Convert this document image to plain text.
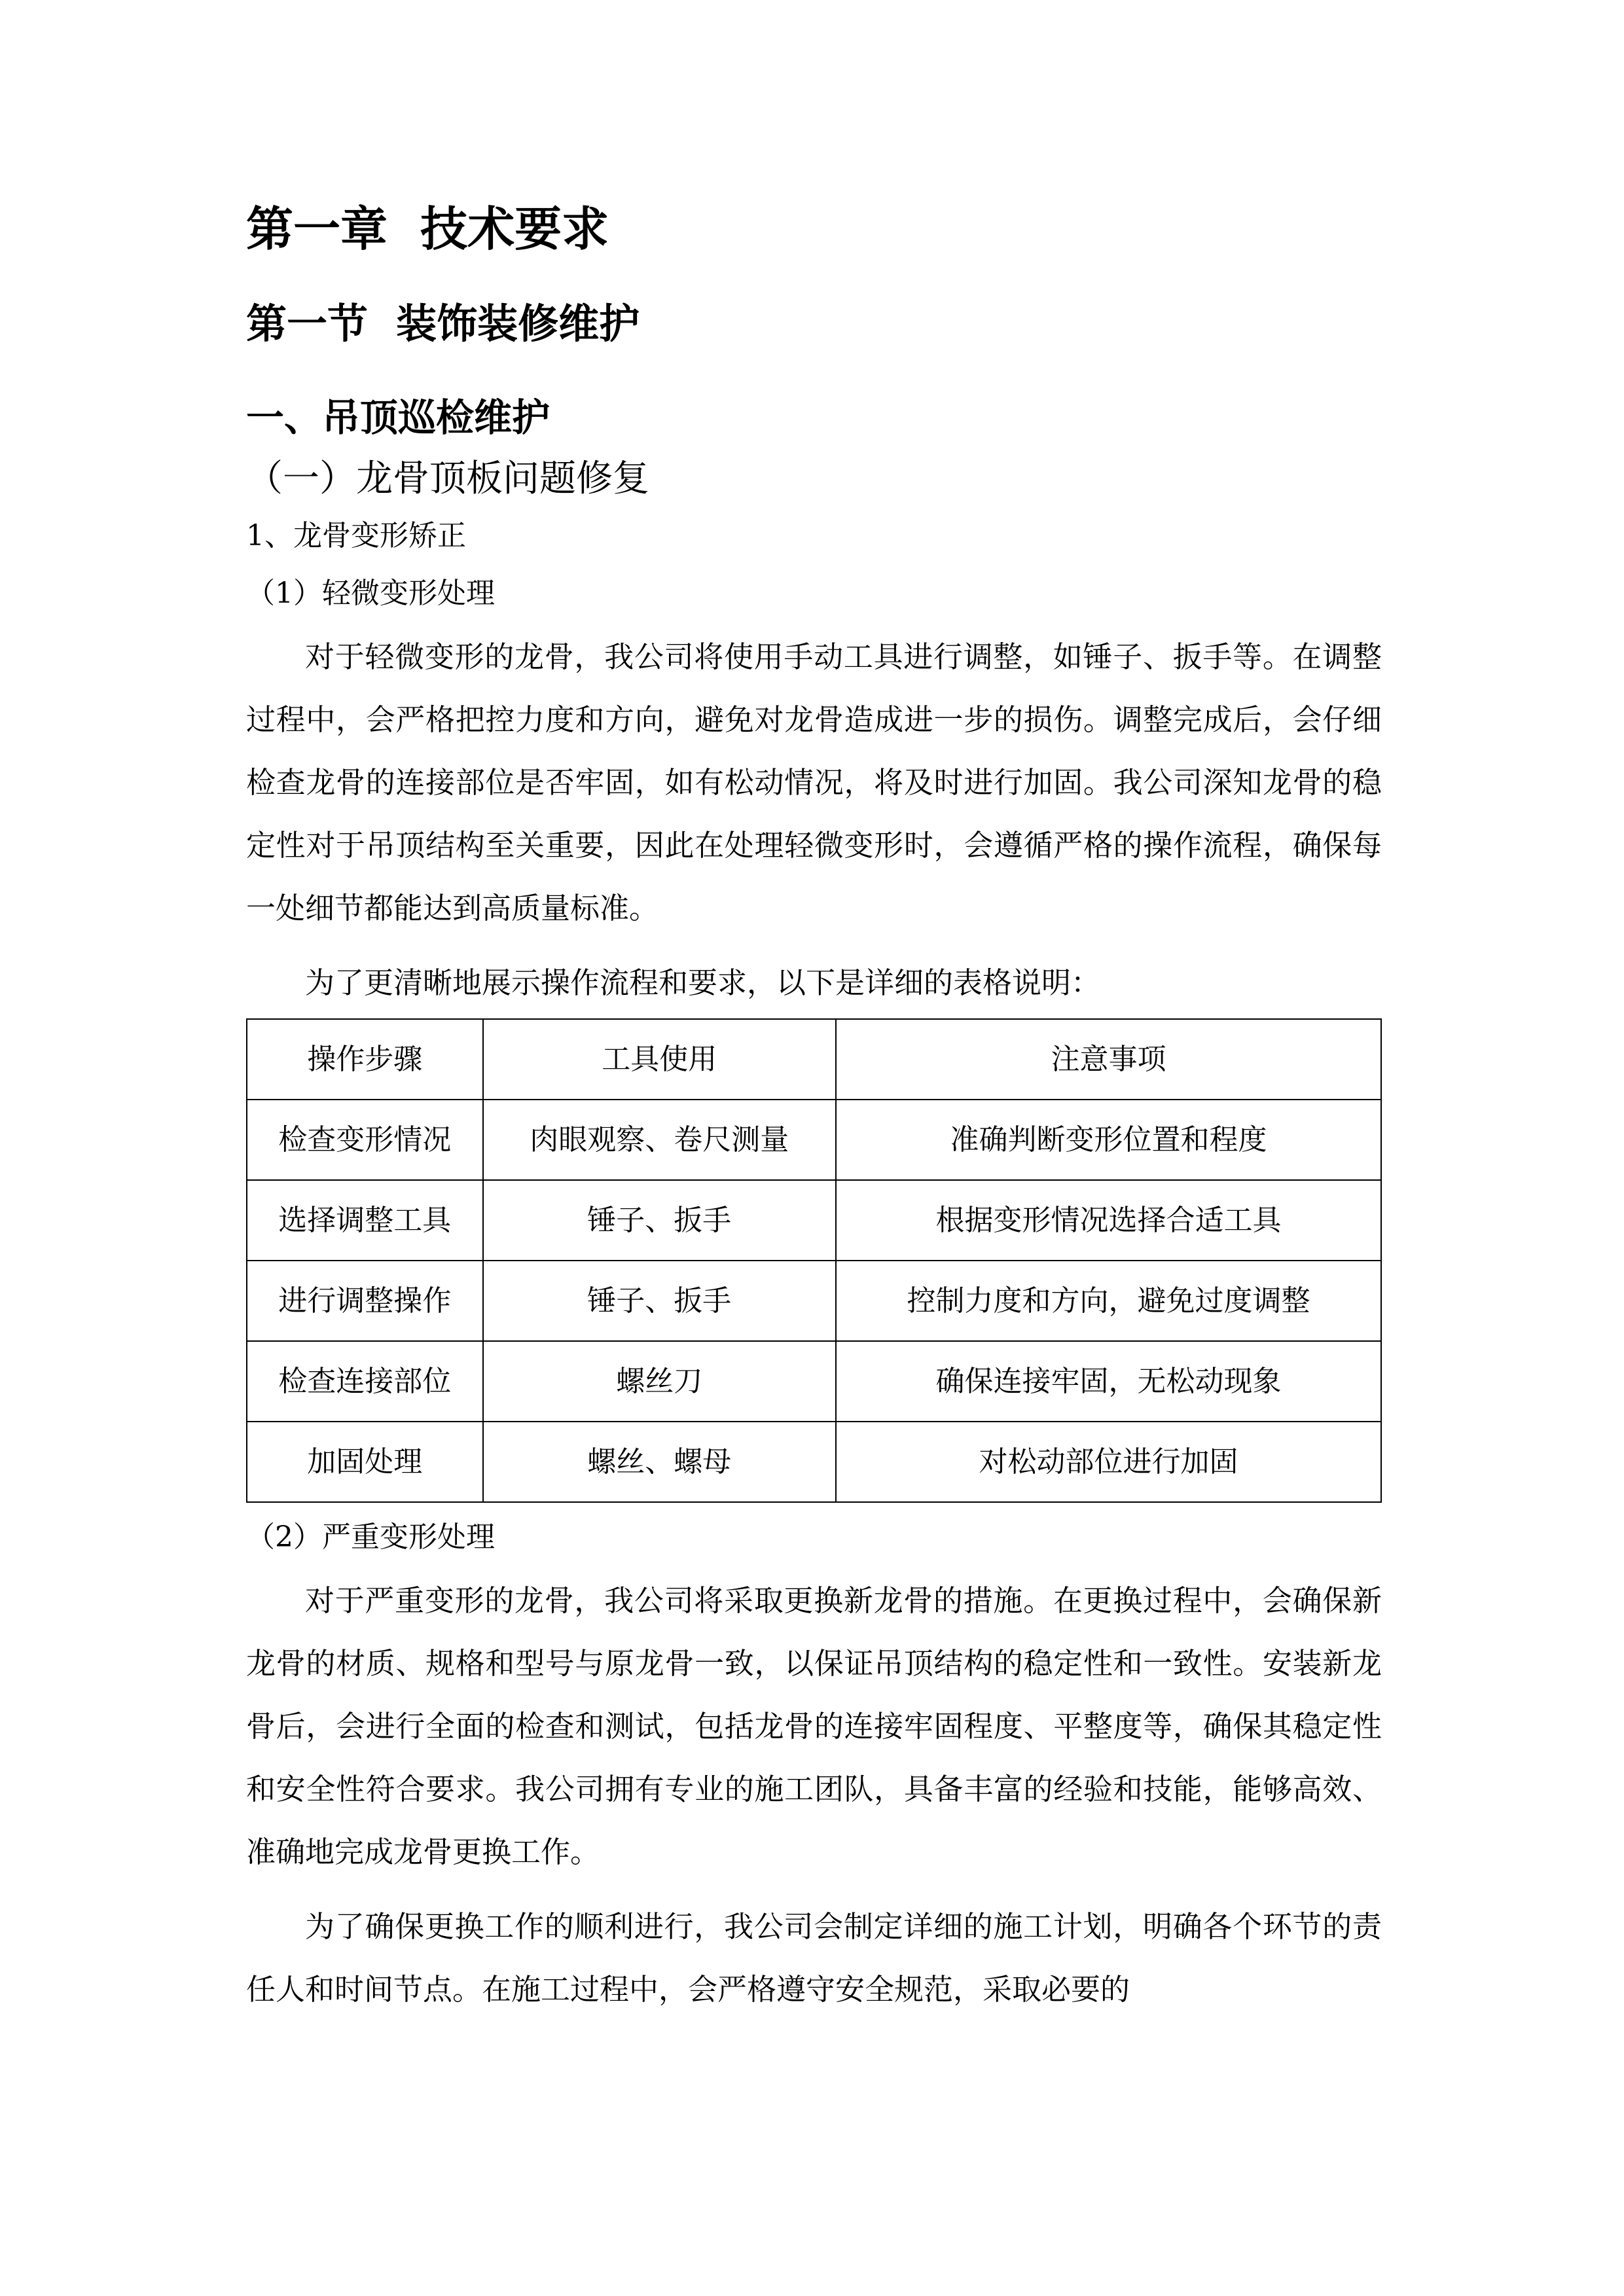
第一章  技术要求
第一节  装饰装修维护
一、吊顶巡检维护
（一）龙骨顶板问题修复
1、龙骨变形矫正
（1）轻微变形处理

对于轻微变形的龙骨，我公司将使用手动工具进行调整，如锤子、扳手等。在调整过程中，会严格把控力度和方向，避免对龙骨造成进一步的损伤。调整完成后，会仔细检查龙骨的连接部位是否牢固，如有松动情况，将及时进行加固。我公司深知龙骨的稳定性对于吊顶结构至关重要，因此在处理轻微变形时，会遵循严格的操作流程，确保每一处细节都能达到高质量标准。

为了更清晰地展示操作流程和要求，以下是详细的表格说明：

操作步骤	工具使用	注意事项
检查变形情况	肉眼观察、卷尺测量	准确判断变形位置和程度
选择调整工具	锤子、扳手	根据变形情况选择合适工具
进行调整操作	锤子、扳手	控制力度和方向，避免过度调整
检查连接部位	螺丝刀	确保连接牢固，无松动现象
加固处理	螺丝、螺母	对松动部位进行加固
（2）严重变形处理

对于严重变形的龙骨，我公司将采取更换新龙骨的措施。在更换过程中，会确保新龙骨的材质、规格和型号与原龙骨一致，以保证吊顶结构的稳定性和一致性。安装新龙骨后，会进行全面的检查和测试，包括龙骨的连接牢固程度、平整度等，确保其稳定性和安全性符合要求。我公司拥有专业的施工团队，具备丰富的经验和技能，能够高效、准确地完成龙骨更换工作。

为了确保更换工作的顺利进行，我公司会制定详细的施工计划，明确各个环节的责任人和时间节点。在施工过程中，会严格遵守安全规范，采取必要的
